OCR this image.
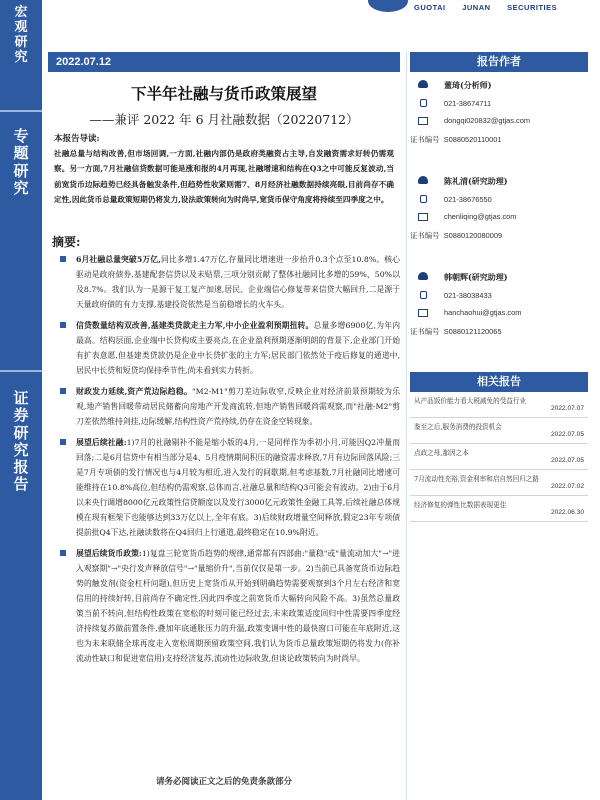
宏
观
研
究
专
题
研
究
证
券
研
究
报
告
GUOTAI JUNAN SECURITIES
2022.07.12
下半年社融与货币政策展望
——兼评 2022 年 6 月社融数据（20220712）
本报告导读:
社融总量与结构改善,但市场回调,一方面,社融内部仍是政府类融资占主导,自发融资需求好转仍需观察。另一方面,7月社融信贷数据可能是涨和报的4月再现,社融增速和结构在Q3之中可能反复波动,当前宽货币边际趋势已经具备触发条件,但趋势性收紧则需7、8月经济社融数据持续亮眼,目前尚存不确定性,因此货币总量政策短期仍将发力,设法政策转向为时尚早,宽货币保守角度将持续至四季度之中。
摘要:
6月社融总量突破5万亿,同比多增1.47万亿,存量同比增速进一步抬升0.3个点至10.8%。核心驱动是政府债券,基建配套信贷以及未贴票,三项分别贡献了整体社融同比多增的59%、50%以及8.7%。我们认为一是源于复工复产加速,居民、企业端信心修复带来信贷大幅回升,二是源于天量政府债的有力支撑,基建投资依然是当前稳增长的火车头。
信贷数量结构双改善,基建类贷款走主力军,中小企业盈利预期扭转。总量多增6900亿,为年内最高。结构层面,企业端中长贷构成主要亮点,在企业盈利预期逐渐明朗的背景下,企业部门开始有扩表意愿,但基建类贷款仍是企业中长贷扩张的主力军;居民部门依然处于疫后修复的通道中,居民中长贷和短贷均保持季节性,尚未看到实力转折。
财政发力延续,资产荒边际趋稳。"M2-M1"剪刀差边际收窄,反映企业对经济前景预期较为乐观,地产销售回暖带动居民储蓄向房地产开发商流转,但地产销售回暖尚需观察,而"社融-M2"剪刀差依然维持剑挂,边际缓解,结构性资产荒持续,仍存在资金空转现象。
展望后续社融:1)7月的社融剔补不能是缩小版的4月,一是同样作为季初小月,可能因Q2冲量而回落;二是6月信贷中有相当部分是4、5月疫情期间积压的融资需求释放,7月有边际回落风险;三是7月专项债的发行情况也与4月较为相近,进入发行的间歇期,但考虑基数,7月社融同比增速可能维持在10.8%高位,但结构仍需观察,总体而言,社融总量和结构Q3可能会有波动。2)由于6月以来央行调增8000亿元政策性信贷额度以及发行3000亿元政策性金融工具等,后续社融总体规模在现有框架下也能够达到33万亿以上,全年有底。3)后续财政增量空间释放,假定23年专项债提前批Q4下达,社融读数将在Q4回归上行通道,最终稳定在10.9%附近。
展望后续货币政策:1)复盘三轮宽货币趋势的规律,通常都有四部曲:"量稳"或"量流动加大"→"进入观察期"→"央行发声释放信号"→"量缩价升",当前仅仅是第一步。2)当前已具备宽货币边际趋势的触发剂(资金杠杆问题),但历史上宽货币从开始到明确趋势需要观察到3个月左右经济和宽信用的持续好转,目前尚存不确定性,因此四季度之前宽货币大幅转向风险不高。3)虽然总量政策当前不转向,但结构性政策在宽松的时刻可能已经过去,未来政策适度回归中性需要四季度经济持续复苏做前置条件,叠加年底通胀压力的升温,政策变调中性的最快窗口可能在年底附近,这也为未来联储全球再度走入宽松周期预留政策空间,我们认为货币总量政策短期仍将发力(你补流动性缺口和促进宽信用)支持经济复苏,流动性边际收敛,但谈论政策转向为时尚早。
请务必阅读正文之后的免责条款部分
报告作者
董琦(分析师)
021-38674711
dongqi020832@gtjas.com
证书编号 S0880520110001
陈礼清(研究助理)
021-38676550
chenliqing@gtjas.com
证书编号 S0880120080009
韩朝辉(研究助理)
021-38038433
hanchaohui@gtjas.com
证书编号 S0880121120065
相关报告
从产品饭价能力看大税减免的受益行业
2022.07.07
鉴至之后,服务消费的投资机会
2022.07.05
点政之母,那因之本
2022.07.05
7月流动性充裕,资金利率和启自然回归之路
2022.07.02
经济修复的弹性比数据表现更佳
2022.06.30
